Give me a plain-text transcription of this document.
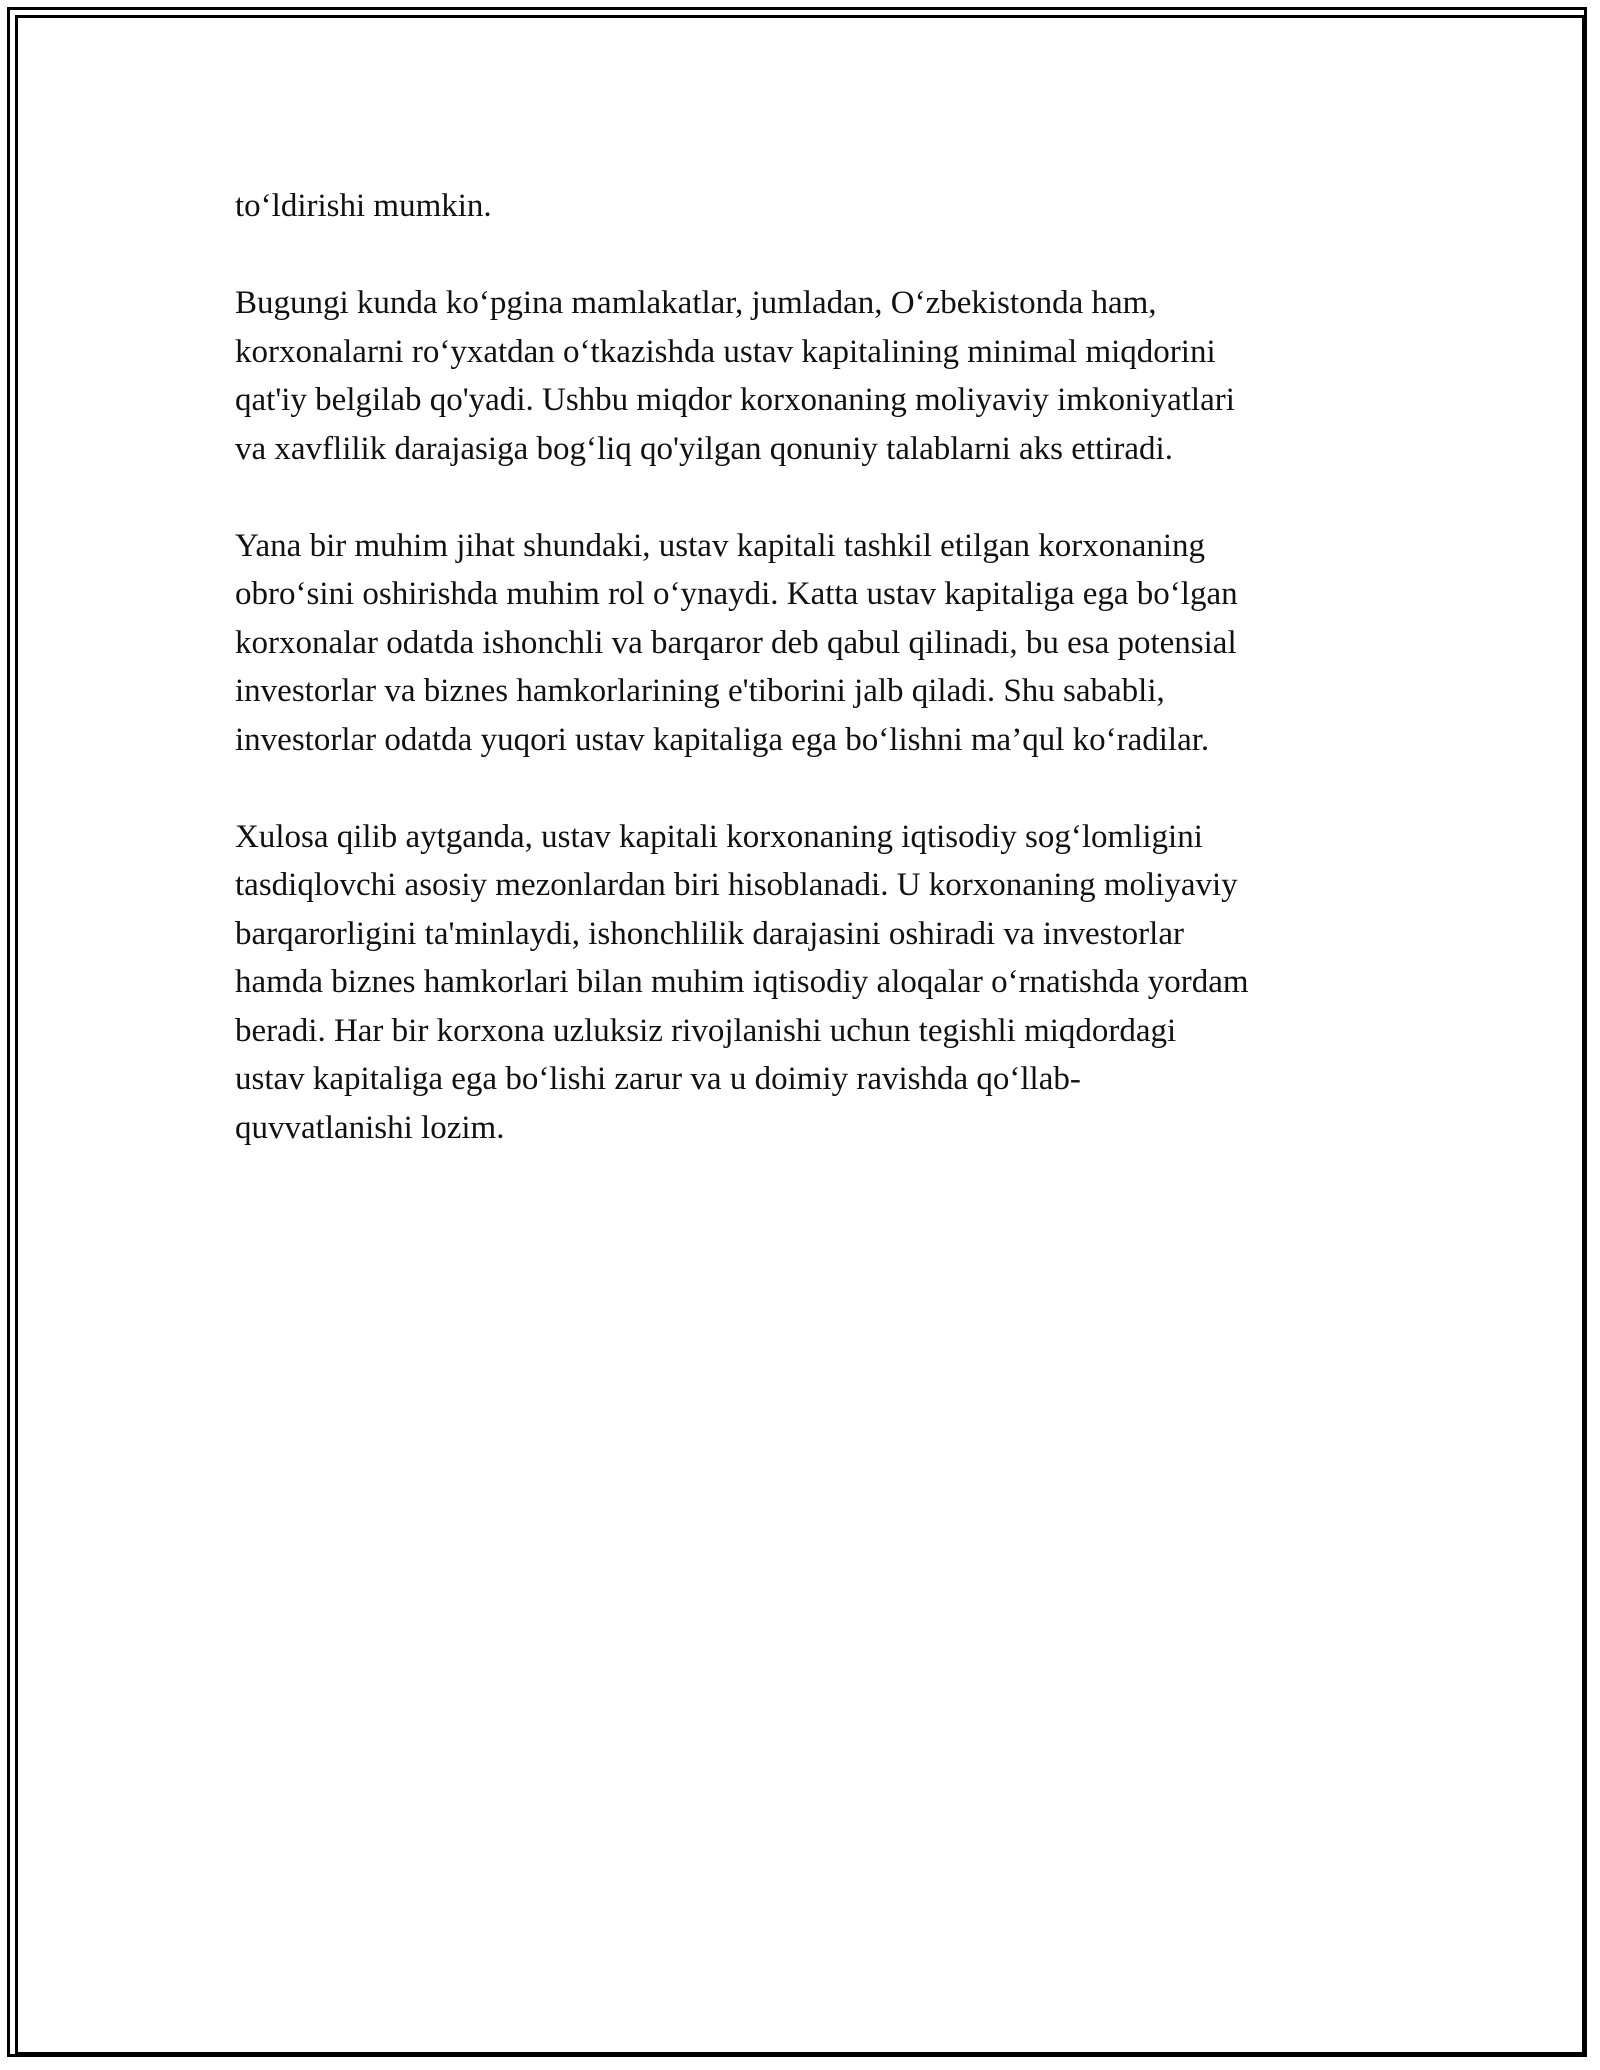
to‘ldirishi mumkin.

Bugungi kunda ko‘pgina mamlakatlar, jumladan, O‘zbekistonda ham,
korxonalarni ro‘yxatdan o‘tkazishda ustav kapitalining minimal miqdorini
qat'iy belgilab qo'yadi. Ushbu miqdor korxonaning moliyaviy imkoniyatlari
va xavflilik darajasiga bog‘liq qo'yilgan qonuniy talablarni aks ettiradi.

Yana bir muhim jihat shundaki, ustav kapitali tashkil etilgan korxonaning
obro‘sini oshirishda muhim rol o‘ynaydi. Katta ustav kapitaliga ega bo‘lgan
korxonalar odatda ishonchli va barqaror deb qabul qilinadi, bu esa potensial
investorlar va biznes hamkorlarining e'tiborini jalb qiladi. Shu sababli,
investorlar odatda yuqori ustav kapitaliga ega bo‘lishni ma’qul ko‘radilar.

Xulosa qilib aytganda, ustav kapitali korxonaning iqtisodiy sog‘lomligini
tasdiqlovchi asosiy mezonlardan biri hisoblanadi. U korxonaning moliyaviy
barqarorligini ta'minlaydi, ishonchlilik darajasini oshiradi va investorlar
hamda biznes hamkorlari bilan muhim iqtisodiy aloqalar o‘rnatishda yordam
beradi. Har bir korxona uzluksiz rivojlanishi uchun tegishli miqdordagi
ustav kapitaliga ega bo‘lishi zarur va u doimiy ravishda qo‘llab-
quvvatlanishi lozim.
